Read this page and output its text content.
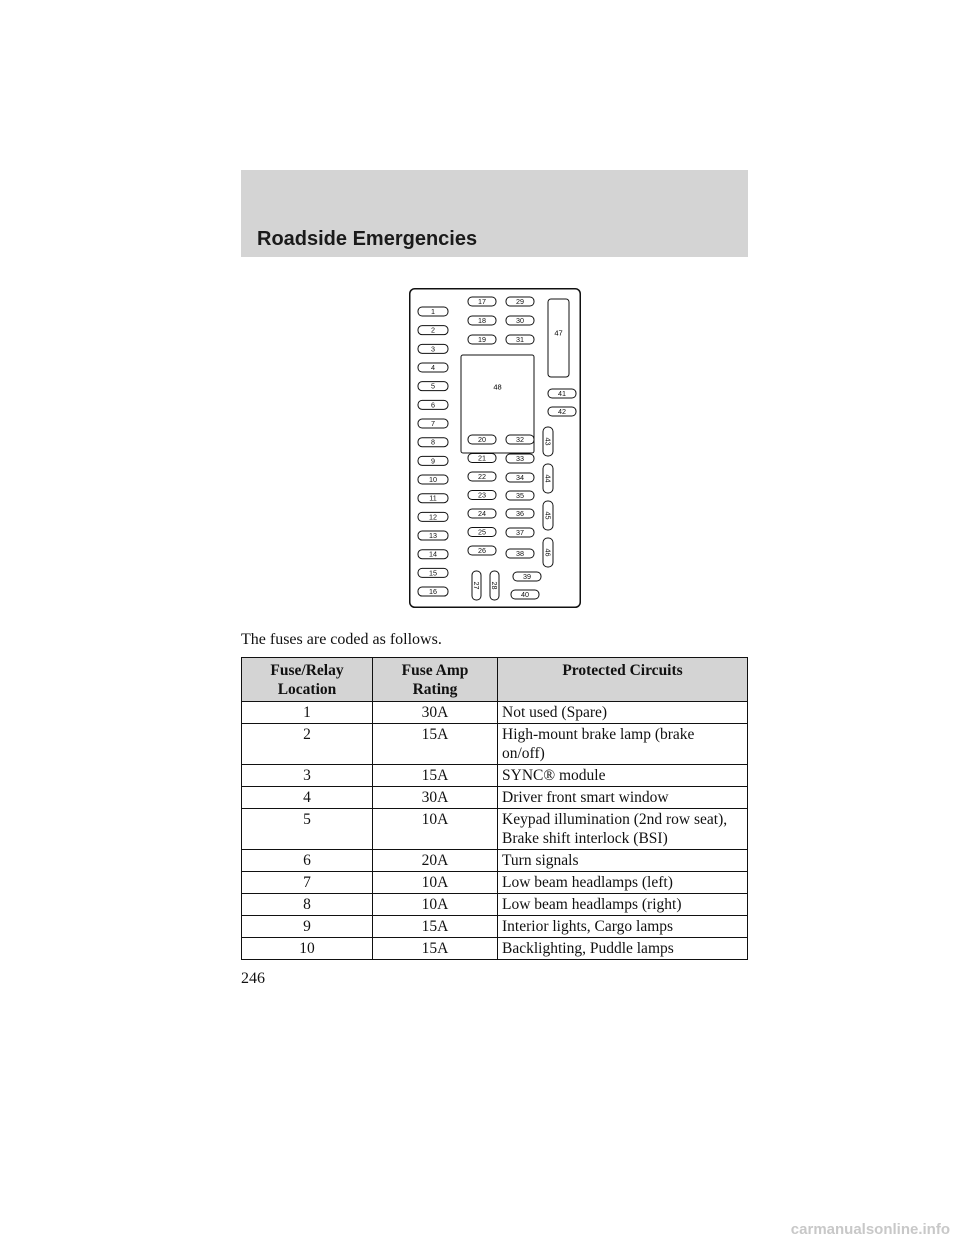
Roadside Emergencies
1
2
3
4
5
6
7
8
9
10
11
12
13
14
15
16
17
18
19
29
30
31
47
48
41
42
20
21
22
23
24
25
26
32
33
34
35
36
37
38
43
44
45
46
27 28
39
40

The fuses are coded as follows.

Fuse/Relay Location	Fuse Amp Rating	Protected Circuits
1	30A	Not used (Spare)
2	15A	High-mount brake lamp (brake on/off)
3	15A	SYNC® module
4	30A	Driver front smart window
5	10A	Keypad illumination (2nd row seat), Brake shift interlock (BSI)
6	20A	Turn signals
7	10A	Low beam headlamps (left)
8	10A	Low beam headlamps (right)
9	15A	Interior lights, Cargo lamps
10	15A	Backlighting, Puddle lamps

246

carmanualsonline.info
